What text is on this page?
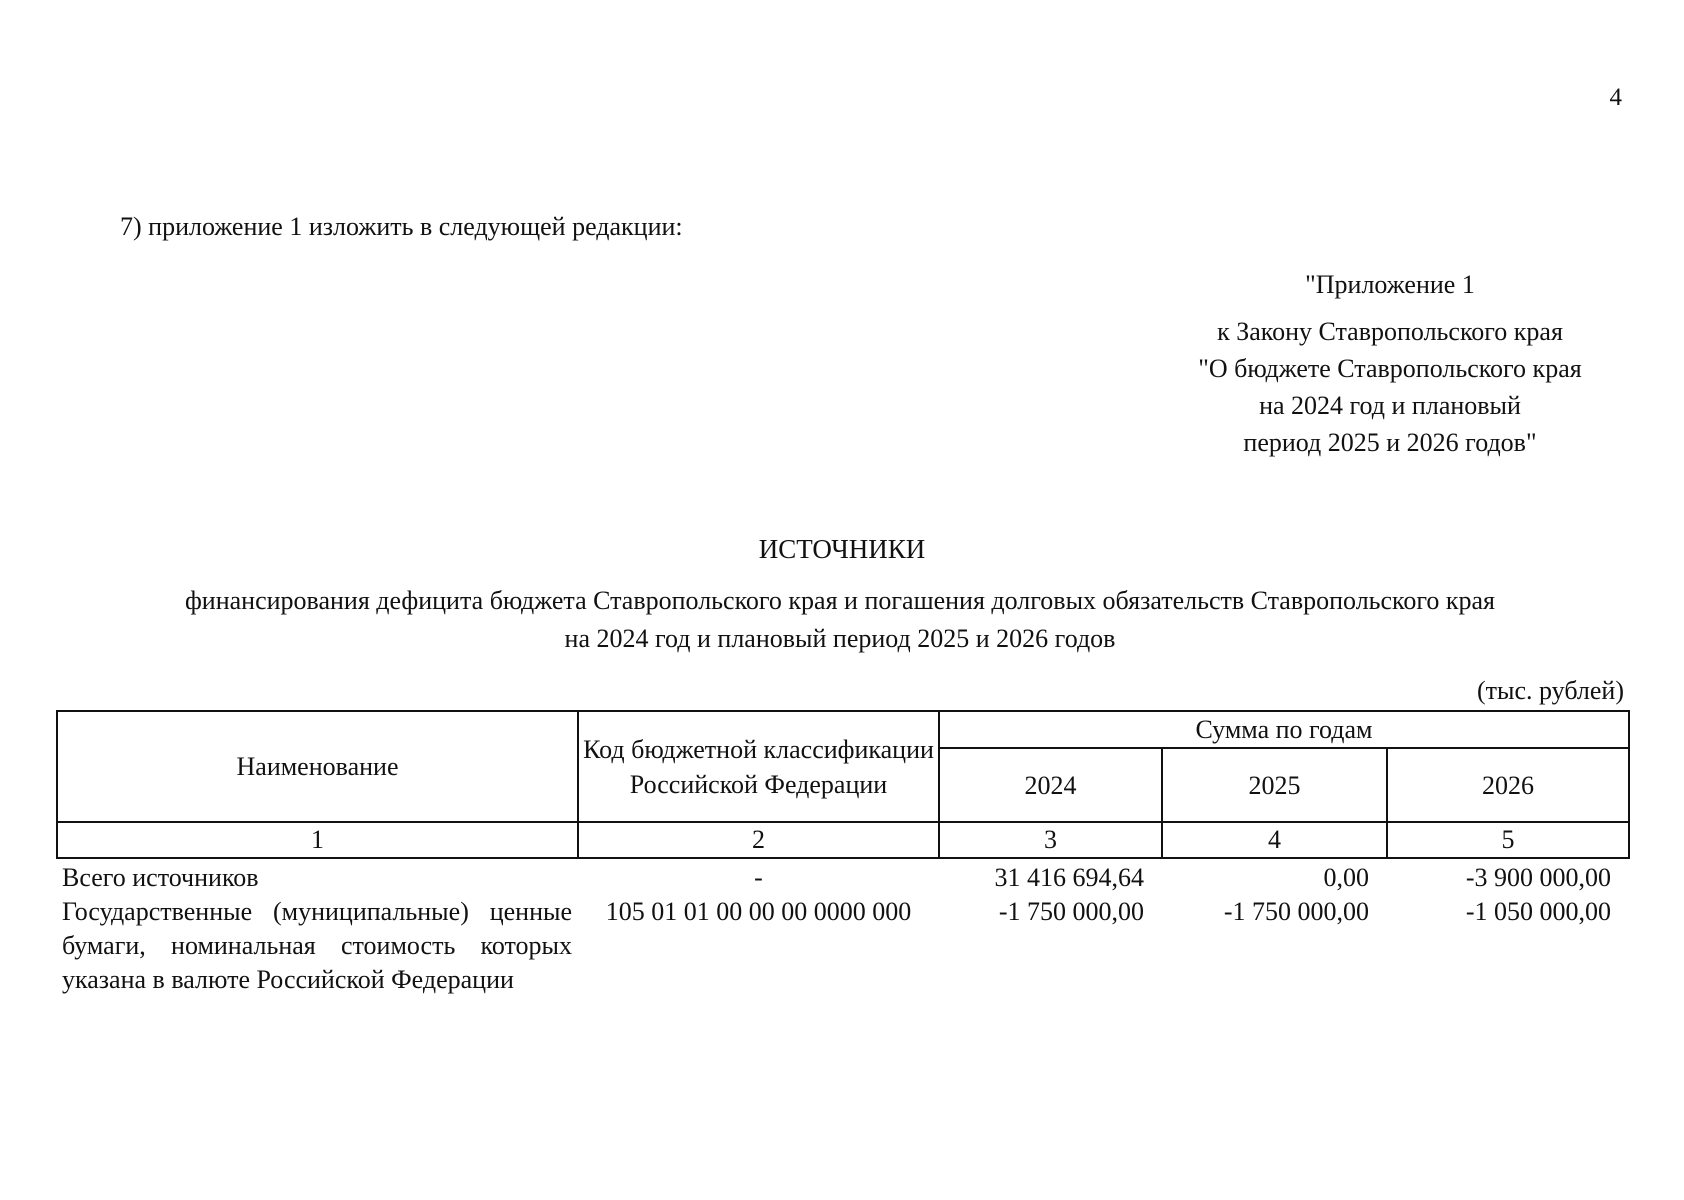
4
7) приложение 1 изложить в следующей редакции:
"Приложение 1
к Закону Ставропольского края
"О бюджете Ставропольского края
на 2024 год и плановый
период 2025 и 2026 годов"
ИСТОЧНИКИ
финансирования дефицита бюджета Ставропольского края и погашения долговых обязательств Ставропольского края
на 2024 год и плановый период 2025 и 2026 годов
(тыс. рублей)
Наименование	Код бюджетной классификации Российской Федерации	Сумма по годам		
		2024	2025	2026
1	2	3	4	5
Всего источников	-	31 416 694,64	0,00	-3 900 000,00
Государственные (муниципальные) ценные бумаги, номинальная стоимость которых указана в валюте Российской Федерации	105 01 01 00 00 00 0000 000	-1 750 000,00	-1 750 000,00	-1 050 000,00
